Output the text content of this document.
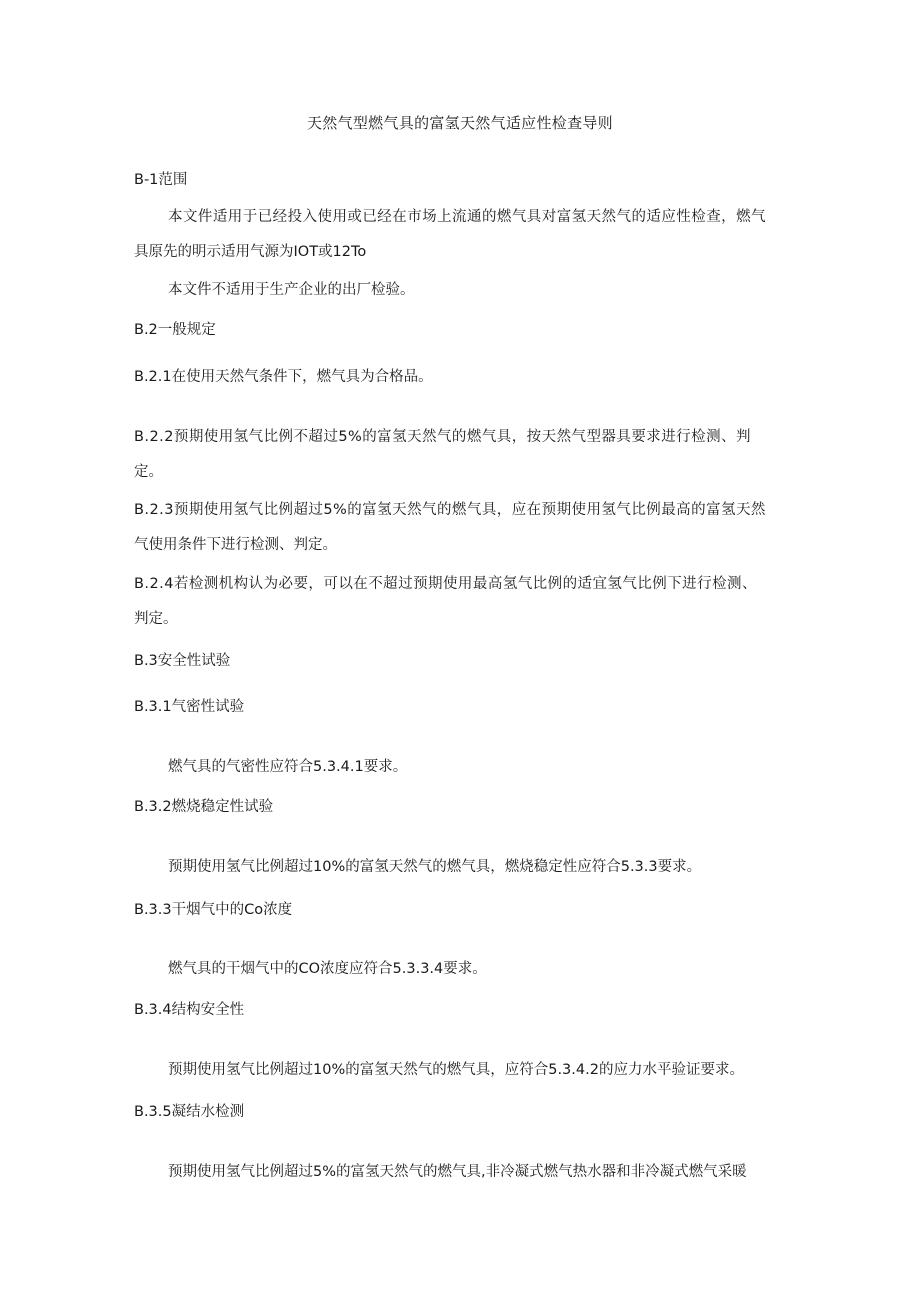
天然气型燃气具的富氢天然气适应性检查导则
B-1范围
本文件适用于已经投入使用或已经在市场上流通的燃气具对富氢天然气的适应性检查，燃气
具原先的明示适用气源为IOT或12To
本文件不适用于生产企业的出厂检验。
B.2一般规定
B.2.1在使用天然气条件下，燃气具为合格品。
B.2.2预期使用氢气比例不超过5%的富氢天然气的燃气具，按天然气型器具要求进行检测、判
定。
B.2.3预期使用氢气比例超过5%的富氢天然气的燃气具，应在预期使用氢气比例最高的富氢天然
气使用条件下进行检测、判定。
B.2.4若检测机构认为必要，可以在不超过预期使用最高氢气比例的适宜氢气比例下进行检测、
判定。
B.3安全性试验
B.3.1气密性试验
燃气具的气密性应符合5.3.4.1要求。
B.3.2燃烧稳定性试验
预期使用氢气比例超过10%的富氢天然气的燃气具，燃烧稳定性应符合5.3.3要求。
B.3.3干烟气中的Co浓度
燃气具的干烟气中的CO浓度应符合5.3.3.4要求。
B.3.4结构安全性
预期使用氢气比例超过10%的富氢天然气的燃气具，应符合5.3.4.2的应力水平验证要求。
B.3.5凝结水检测
预期使用氢气比例超过5%的富氢天然气的燃气具,非冷凝式燃气热水器和非冷凝式燃气采暖
